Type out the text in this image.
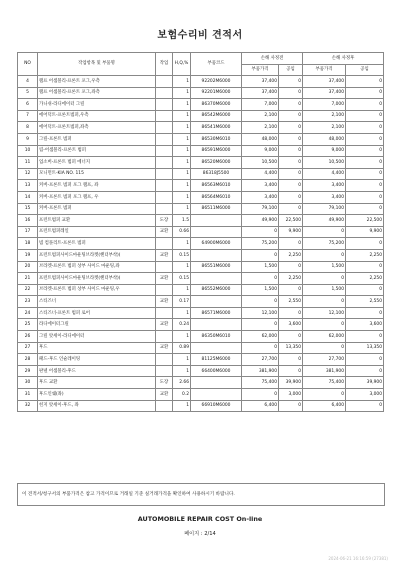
보험수리비 견적서
NO	작업항목 및 부품명	작업	H,Q,%	부품코드	손해 사정전		손해 사정후	
					부품가격	공임	부품가격	공임
4	램프 어셈블리-프론트 포그,우측		1	92202M6000	37,400	0	37,400	0
5	램프 어셈블리-프론트 포그,좌측		1	92201M6000	37,400	0	37,400	0
6	가니쉬-라디에이터 그릴		1	86370M6000	7,000	0	7,000	0
7	에어덕트-프론트범퍼,우측		1	86542M6000	2,100	0	2,100	0
8	에어덕트-프론트범퍼,좌측		1	86541M6000	2,100	0	2,100	0
9	그릴-프론트 범퍼		1	86530M6010	48,000	0	48,000	0
10	립-어셈블리-프론트 범퍼		1	86591M6000	9,000	0	9,000	0
11	업소버-프론트 범퍼 에너지		1	86520M6000	10,500	0	10,500	0
12	모니먼트-KIA NO. 115		1	86318J5500	4,400	0	4,400	0
13	커버-프론트 범퍼 포그 램프, 좌		1	86563M6010	3,400	0	3,400	0
14	커버-프론트 범퍼 포그 램프, 우		1	86564M6010	3,400	0	3,400	0
15	커버-프론트 범퍼		1	86511M6000	79,100	0	79,100	0
16	프런트범퍼 교환	도장	1.5		49,900	22,500	49,900	22,500
17	프런트범퍼레일	교환	0.66		0	9,900	0	9,900
18	빔 컴플리트-프론트 범퍼		1	64900M6000	75,200	0	75,200	0
19	프런트범퍼사이드마운팅브라켓(핸더부착)(	교환	0.15		0	2,250	0	2,250
20	브라켓-프론트 범퍼 상부 사이드 마운팅,좌		1	86551M6000	1,500	0	1,500	0
21	프런트범퍼사이드마운팅브라켓(핸더부착)(	교환	0.15		0	2,250	0	2,250
22	브라켓-프론트 범퍼 상부 사이드 마운팅,우		1	86552M6000	1,500	0	1,500	0
23	스티즈너	교환	0.17		0	2,550	0	2,550
24	스티즈너-프론트 범퍼 로어		1	86571M6000	12,100	0	12,100	0
25	라디에이터그릴	교환	0.24		0	3,600	0	3,600
26	그릴 앗세이-라디에이터		1	86350M6010	62,000	0	62,000	0
27	후드	교환	0.89		0	13,350	0	13,350
28	패드-후드 인슐레이팅		1	81125M6000	27,700	0	27,700	0
29	판넬 어셈블리-후드		1	66400M6000	381,900	0	381,900	0
30	후드 교환	도장	2.66		75,400	39,900	75,400	39,900
31	후드인쉐(좌)	교환	0.2		0	3,000	0	3,000
32	힌지 앗세이-후드, 좌		1	66910M6000	6,400	0	6,400	0
이 견적서/청구서의 부품가격은 참고 가격이므로 거래일 기준 실거래가격을 확인하여 사용하시기 바랍니다.
AUTOMOBILE REPAIR COST On-line
페이지 : 2/14
2024-06-21 16:16:59 (27381)
